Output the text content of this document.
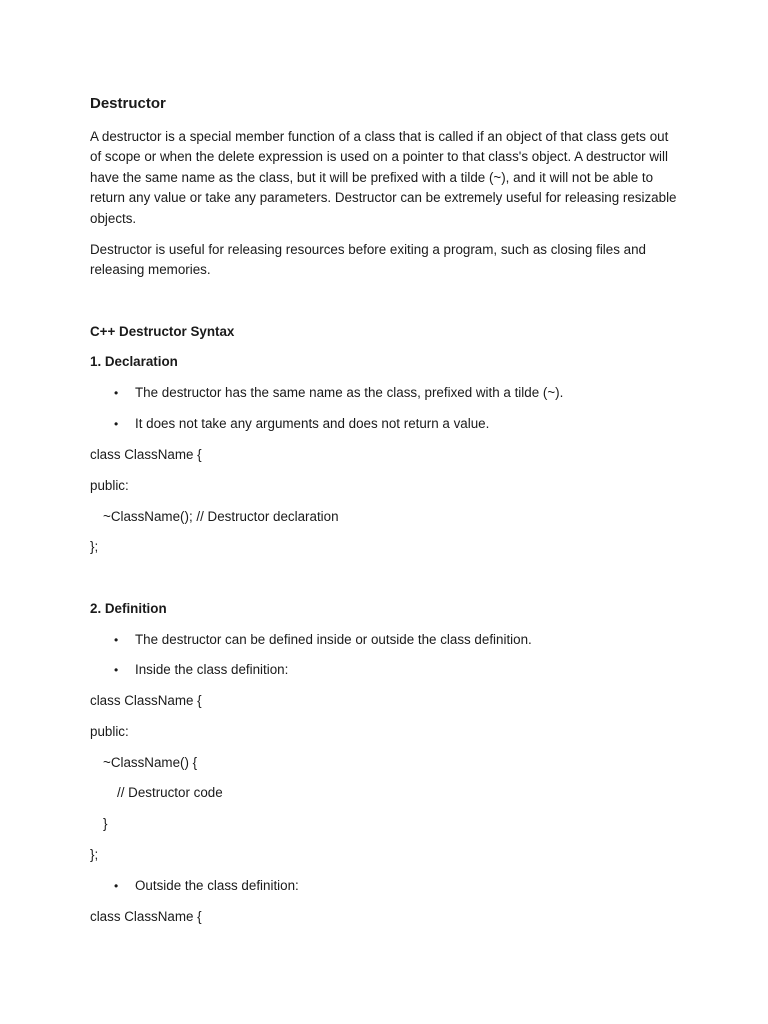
Destructor
A destructor is a special member function of a class that is called if an object of that class gets out of scope or when the delete expression is used on a pointer to that class's object. A destructor will have the same name as the class, but it will be prefixed with a tilde (~), and it will not be able to return any value or take any parameters. Destructor can be extremely useful for releasing resizable objects.
Destructor is useful for releasing resources before exiting a program, such as closing files and releasing memories.
C++ Destructor Syntax
1. Declaration
• The destructor has the same name as the class, prefixed with a tilde (~).
• It does not take any arguments and does not return a value.
class ClassName {
public:
~ClassName(); // Destructor declaration
};
2. Definition
• The destructor can be defined inside or outside the class definition.
• Inside the class definition:
class ClassName {
public:
~ClassName() {
// Destructor code
}
};
• Outside the class definition:
class ClassName {
